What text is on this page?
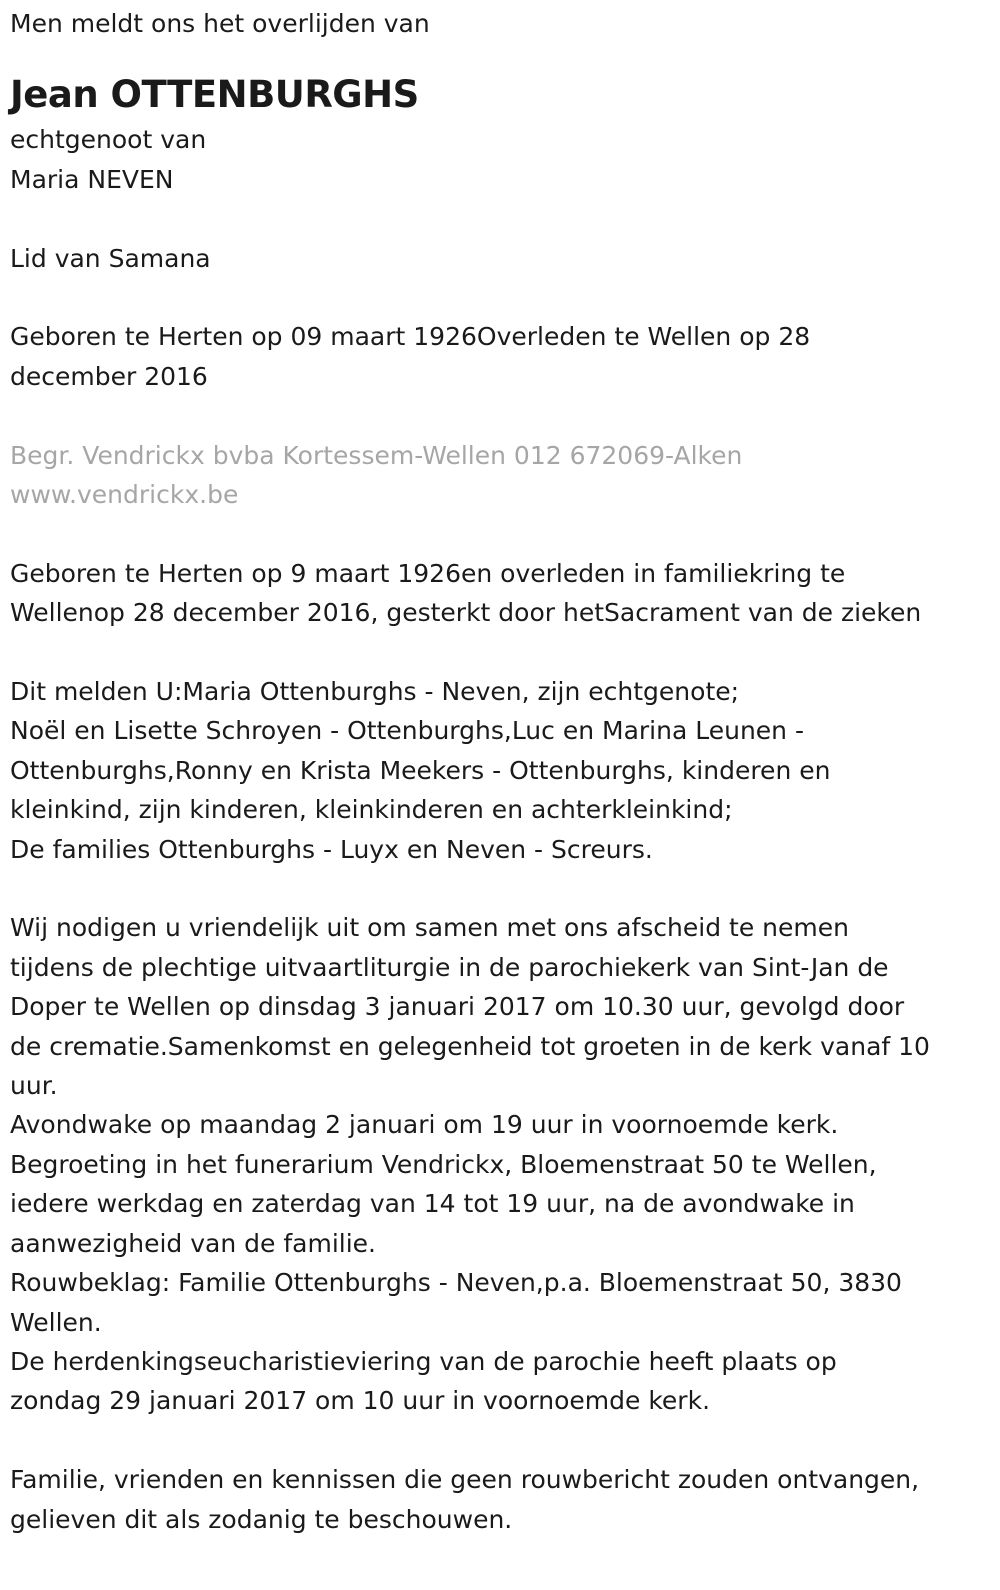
Men meldt ons het overlijden van

Jean OTTENBURGHS

echtgenoot van

Maria NEVEN

Lid van Samana

Geboren te Herten op 09 maart 1926Overleden te Wellen op 28

december 2016

Begr. Vendrickx bvba Kortessem-Wellen 012 672069-Alken

www.vendrickx.be

Geboren te Herten op 9 maart 1926en overleden in familiekring te

Wellenop 28 december 2016, gesterkt door hetSacrament van de zieken

Dit melden U:Maria Ottenburghs - Neven, zijn echtgenote;

Noël en Lisette Schroyen - Ottenburghs,Luc en Marina Leunen -

Ottenburghs,Ronny en Krista Meekers - Ottenburghs, kinderen en

kleinkind, zijn kinderen, kleinkinderen en achterkleinkind;

De families Ottenburghs - Luyx en Neven - Screurs.

Wij nodigen u vriendelijk uit om samen met ons afscheid te nemen

tijdens de plechtige uitvaartliturgie in de parochiekerk van Sint-Jan de

Doper te Wellen op dinsdag 3 januari 2017 om 10.30 uur, gevolgd door

de crematie.Samenkomst en gelegenheid tot groeten in de kerk vanaf 10

uur.

Avondwake op maandag 2 januari om 19 uur in voornoemde kerk.

Begroeting in het funerarium Vendrickx, Bloemenstraat 50 te Wellen,

iedere werkdag en zaterdag van 14 tot 19 uur, na de avondwake in

aanwezigheid van de familie.

Rouwbeklag: Familie Ottenburghs - Neven,p.a. Bloemenstraat 50, 3830

Wellen.

De herdenkingseucharistieviering van de parochie heeft plaats op

zondag 29 januari 2017 om 10 uur in voornoemde kerk.

Familie, vrienden en kennissen die geen rouwbericht zouden ontvangen,

gelieven dit als zodanig te beschouwen.
